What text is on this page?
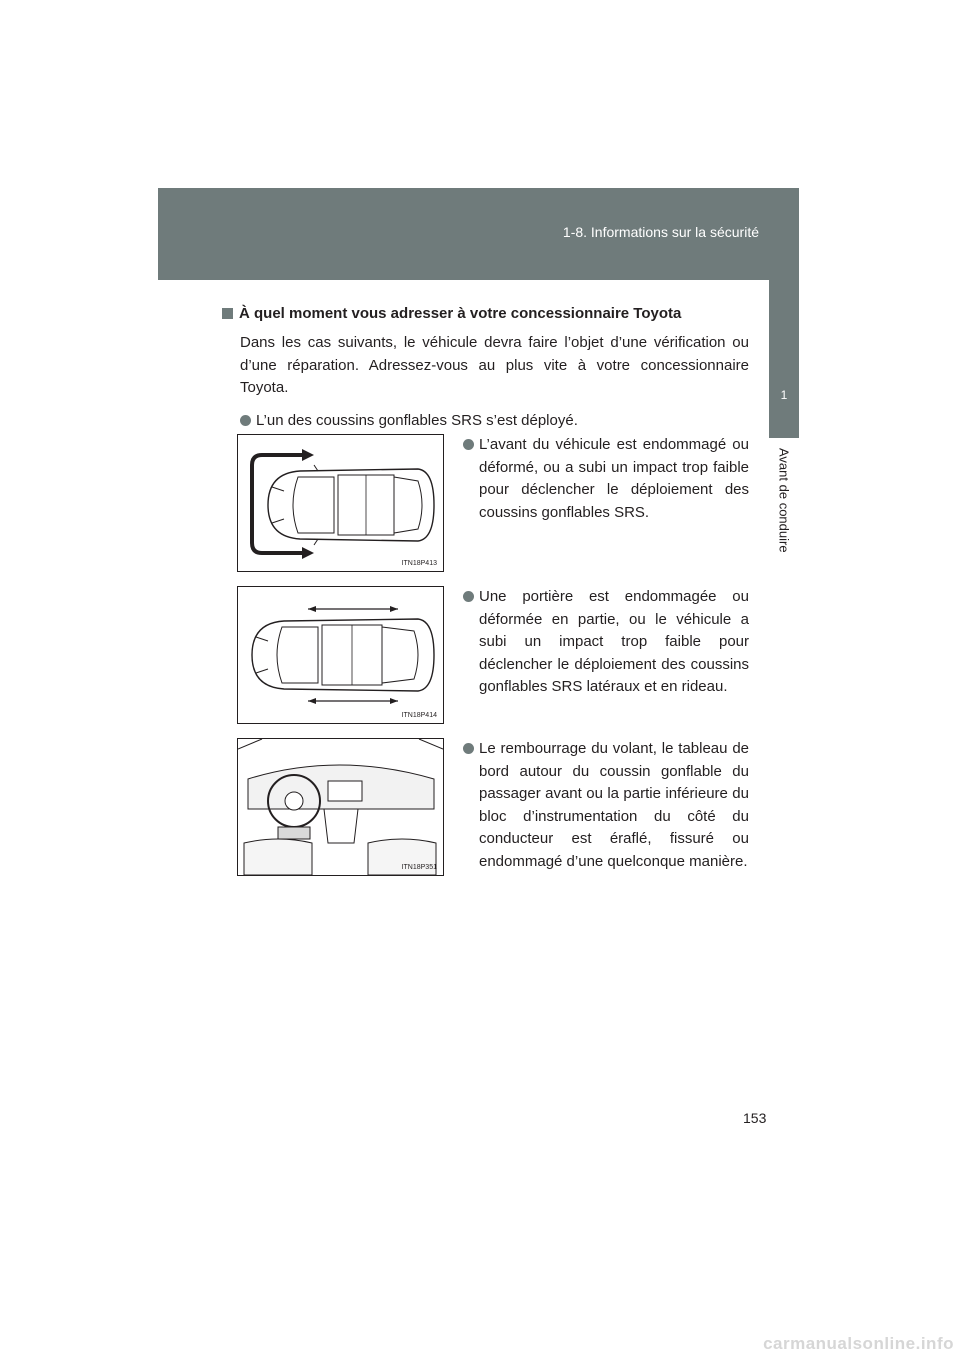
1-8. Informations sur la sécurité
1
Avant de conduire
À quel moment vous adresser à votre concessionnaire Toyota

Dans les cas suivants, le véhicule devra faire l’objet d’une vérification ou d’une réparation. Adressez-vous au plus vite à votre concessionnaire Toyota.

L’un des coussins gonflables SRS s’est déployé.
ITN18P413
L’avant du véhicule est endommagé ou déformé, ou a subi un impact trop faible pour déclencher le déploiement des coussins gonflables SRS.
ITN18P414
Une portière est endommagée ou déformée en partie, ou le véhicule a subi un impact trop faible pour déclencher le déploiement des coussins gonflables SRS latéraux et en rideau.
ITN18P351
Le rembourrage du volant, le tableau de bord autour du coussin gonflable du passager avant ou la partie inférieure du bloc d’instrumentation du côté du conducteur est éraflé, fissuré ou endommagé d’une quelconque manière.
153
carmanualsonline.info
